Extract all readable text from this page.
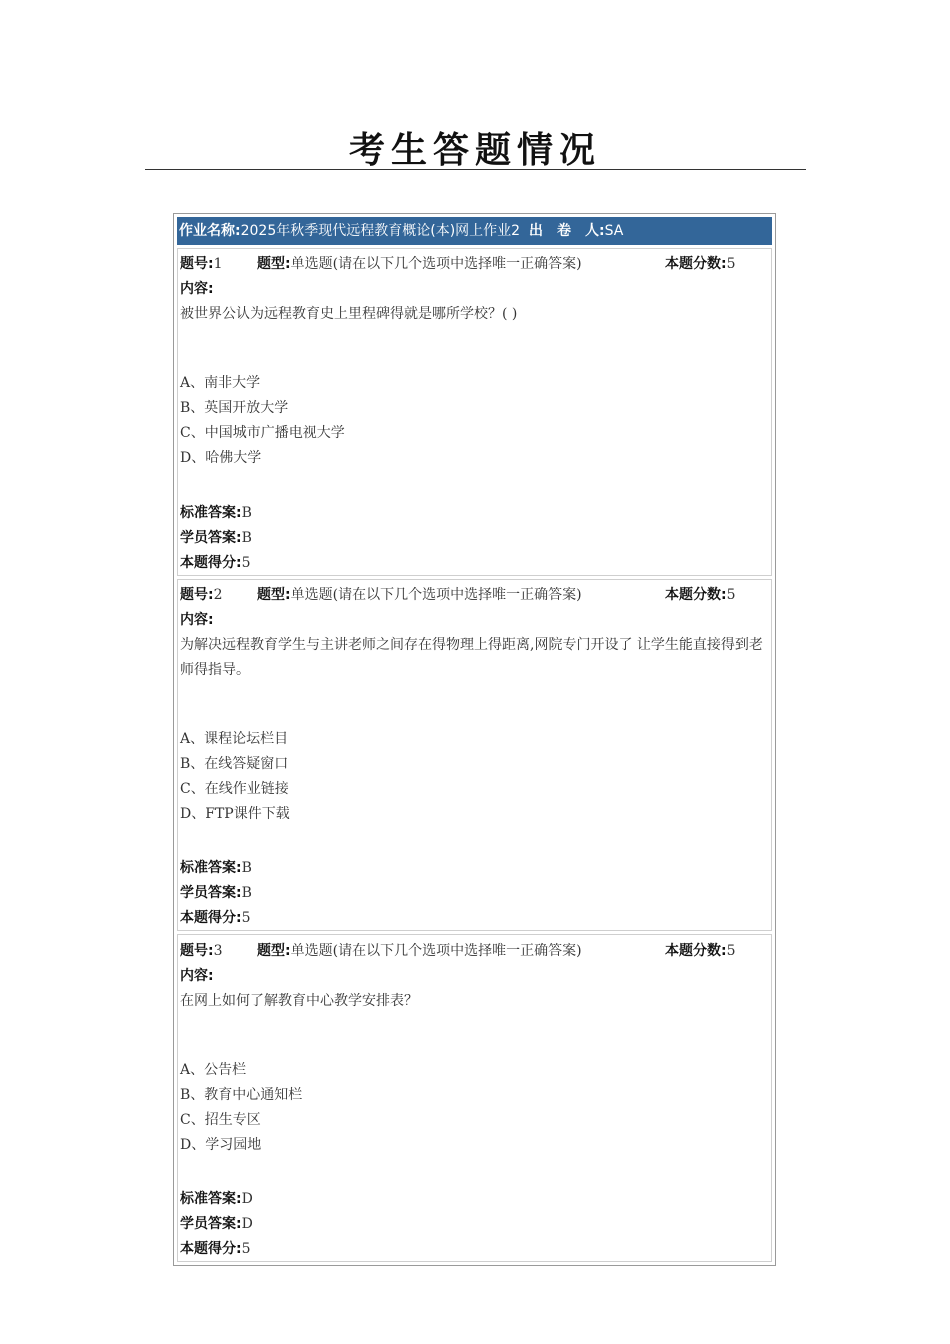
考生答题情况
作业名称:2025年秋季现代远程教育概论(本)网上作业2 出　卷　人:SA
题号:1 题型:单选题(请在以下几个选项中选择唯一正确答案)	本题分数:5
内容:
被世界公认为远程教育史上里程碑得就是哪所学校？( )
A、南非大学
B、英国开放大学
C、中国城市广播电视大学
D、哈佛大学
标准答案:B
学员答案:B
本题得分:5
题号:2 题型:单选题(请在以下几个选项中选择唯一正确答案)	本题分数:5
内容:
为解决远程教育学生与主讲老师之间存在得物理上得距离,网院专门开设了 让学生能直接得到老师得指导。
A、课程论坛栏目
B、在线答疑窗口
C、在线作业链接
D、FTP课件下载
标准答案:B
学员答案:B
本题得分:5
题号:3 题型:单选题(请在以下几个选项中选择唯一正确答案)	本题分数:5
内容:
在网上如何了解教育中心教学安排表？
A、公告栏
B、教育中心通知栏
C、招生专区
D、学习园地
标准答案:D
学员答案:D
本题得分:5
